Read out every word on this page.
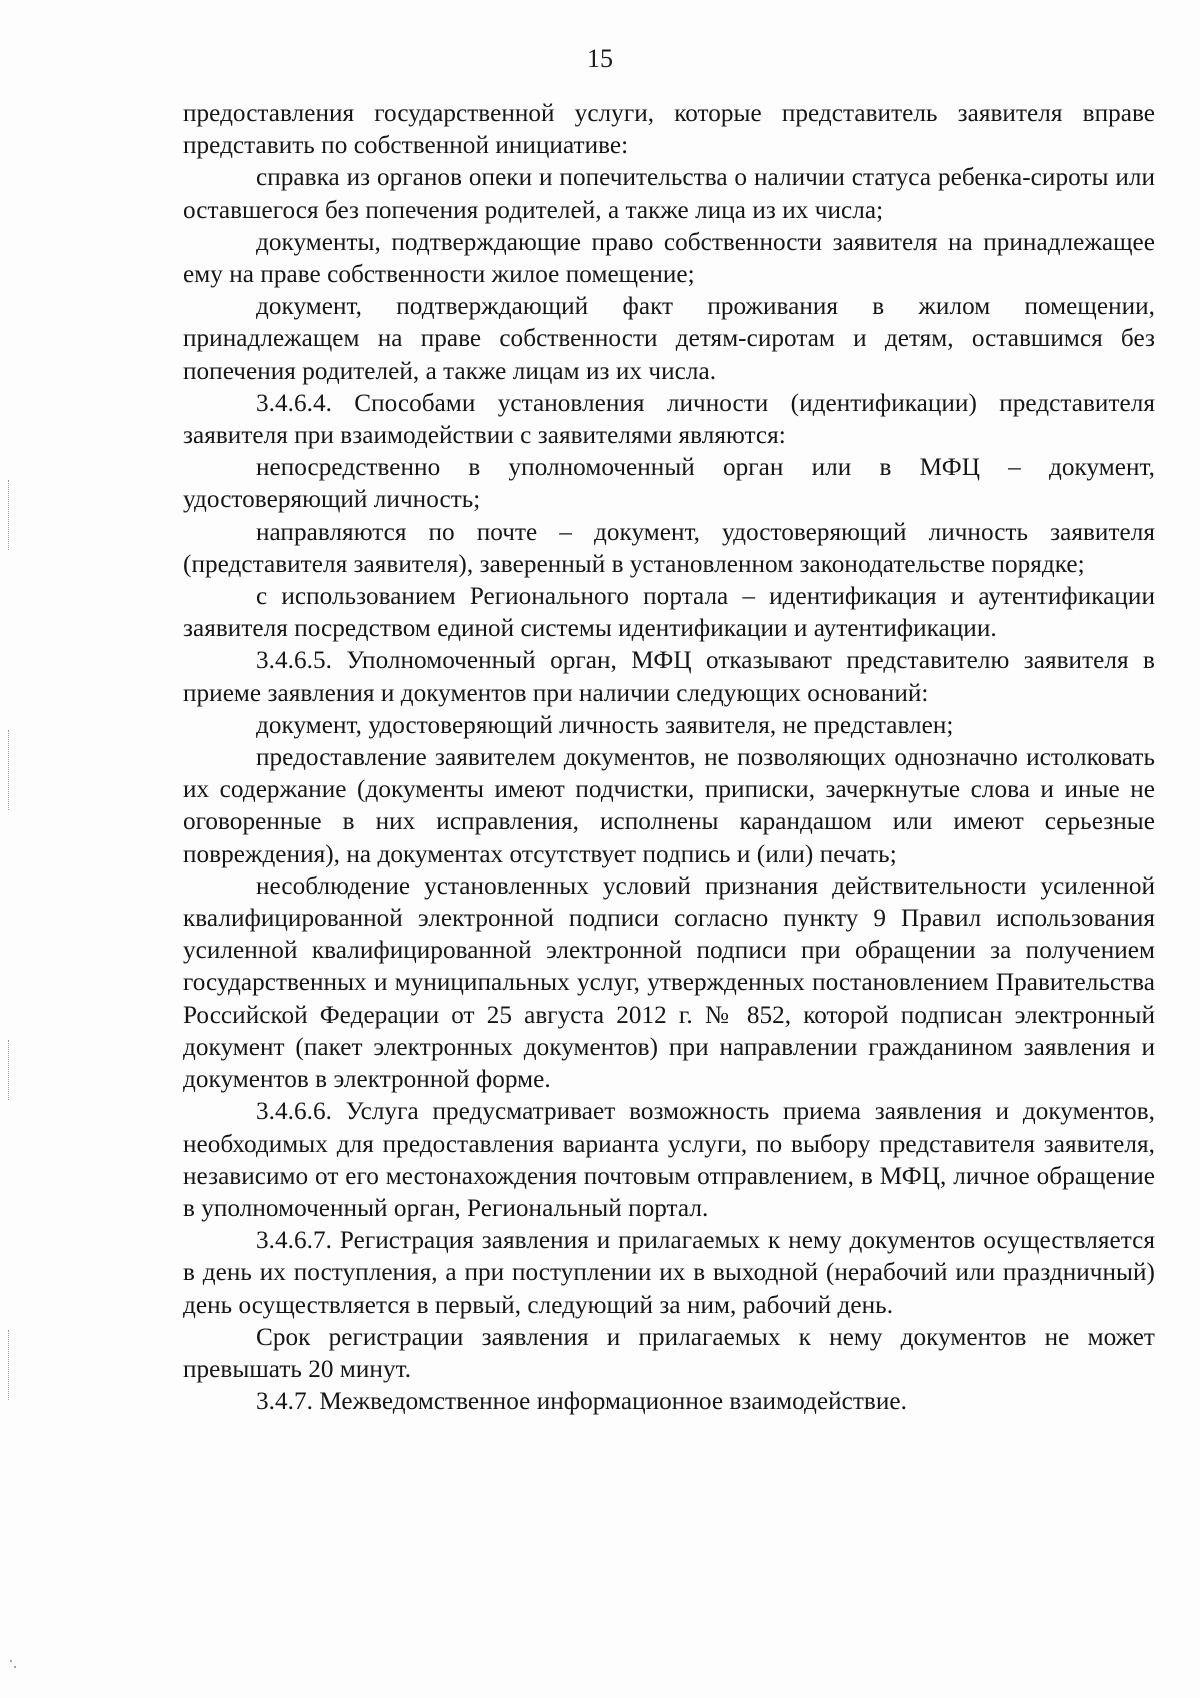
15

предоставления государственной услуги, которые представитель заявителя вправе представить по собственной инициативе:

справка из органов опеки и попечительства о наличии статуса ребенка-сироты или оставшегося без попечения родителей, а также лица из их числа;

документы, подтверждающие право собственности заявителя на принадлежащее ему на праве собственности жилое помещение;

документ, подтверждающий факт проживания в жилом помещении, принадлежащем на праве собственности детям-сиротам и детям, оставшимся без попечения родителей, а также лицам из их числа.

3.4.6.4. Способами установления личности (идентификации) представителя заявителя при взаимодействии с заявителями являются:

непосредственно в уполномоченный орган или в МФЦ – документ, удостоверяющий личность;

направляются по почте – документ, удостоверяющий личность заявителя (представителя заявителя), заверенный в установленном законодательстве порядке;

с использованием Регионального портала – идентификация и аутентификации заявителя посредством единой системы идентификации и аутентификации.

3.4.6.5. Уполномоченный орган, МФЦ отказывают представителю заявителя в приеме заявления и документов при наличии следующих оснований:

документ, удостоверяющий личность заявителя, не представлен;

предоставление заявителем документов, не позволяющих однозначно истолковать их содержание (документы имеют подчистки, приписки, зачеркнутые слова и иные не оговоренные в них исправления, исполнены карандашом или имеют серьезные повреждения), на документах отсутствует подпись и (или) печать;

несоблюдение установленных условий признания действительности усиленной квалифицированной электронной подписи согласно пункту 9 Правил использования усиленной квалифицированной электронной подписи при обращении за получением государственных и муниципальных услуг, утвержденных постановлением Правительства Российской Федерации от 25 августа 2012 г. № 852, которой подписан электронный документ (пакет электронных документов) при направлении гражданином заявления и документов в электронной форме.

3.4.6.6. Услуга предусматривает возможность приема заявления и документов, необходимых для предоставления варианта услуги, по выбору представителя заявителя, независимо от его местонахождения почтовым отправлением, в МФЦ, личное обращение в уполномоченный орган, Региональный портал.

3.4.6.7. Регистрация заявления и прилагаемых к нему документов осуществляется в день их поступления, а при поступлении их в выходной (нерабочий или праздничный) день осуществляется в первый, следующий за ним, рабочий день.

Срок регистрации заявления и прилагаемых к нему документов не может превышать 20 минут.

3.4.7. Межведомственное информационное взаимодействие.
